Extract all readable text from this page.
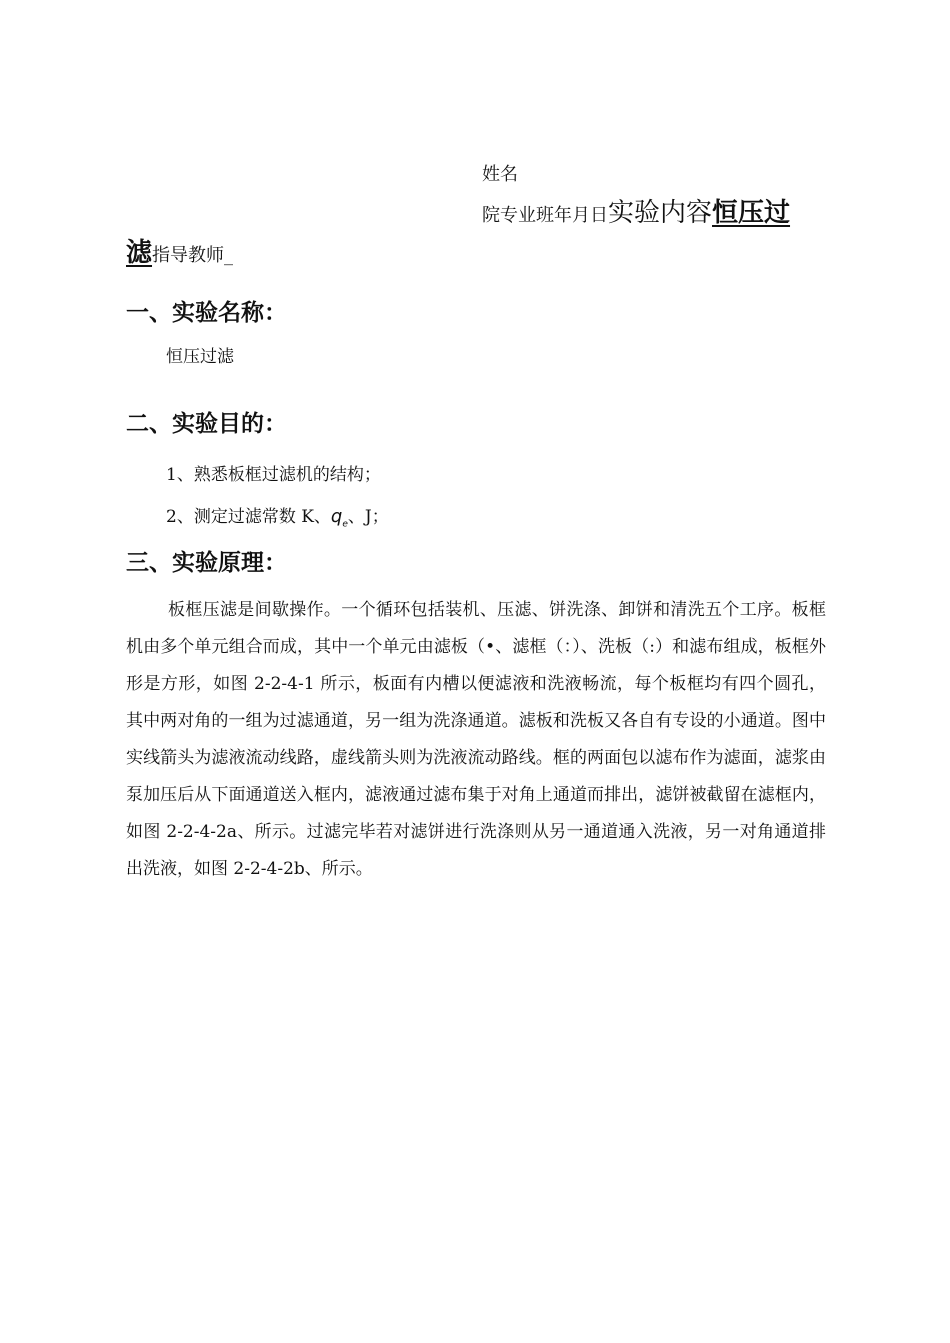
姓名
院专业班年月日实验内容恒压过
滤指导教师_
一、实验名称：
恒压过滤
二、实验目的：
1、熟悉板框过滤机的结构；
2、测定过滤常数 K、$q_e$、J；
三、实验原理：
板框压滤是间歇操作。一个循环包括装机、压滤、饼洗涤、卸饼和清洗五个工序。板框机由多个单元组合而成，其中一个单元由滤板（•、滤框（：）、洗板（:）和滤布组成，板框外形是方形，如图 2-2-4-1 所示，板面有内槽以便滤液和洗液畅流，每个板框均有四个圆孔，其中两对角的一组为过滤通道，另一组为洗涤通道。滤板和洗板又各自有专设的小通道。图中实线箭头为滤液流动线路，虚线箭头则为洗液流动路线。框的两面包以滤布作为滤面，滤浆由泵加压后从下面通道送入框内，滤液通过滤布集于对角上通道而排出，滤饼被截留在滤框内，如图 2-2-4-2a、所示。过滤完毕若对滤饼进行洗涤则从另一通道通入洗液，另一对角通道排出洗液，如图 2-2-4-2b、所示。
